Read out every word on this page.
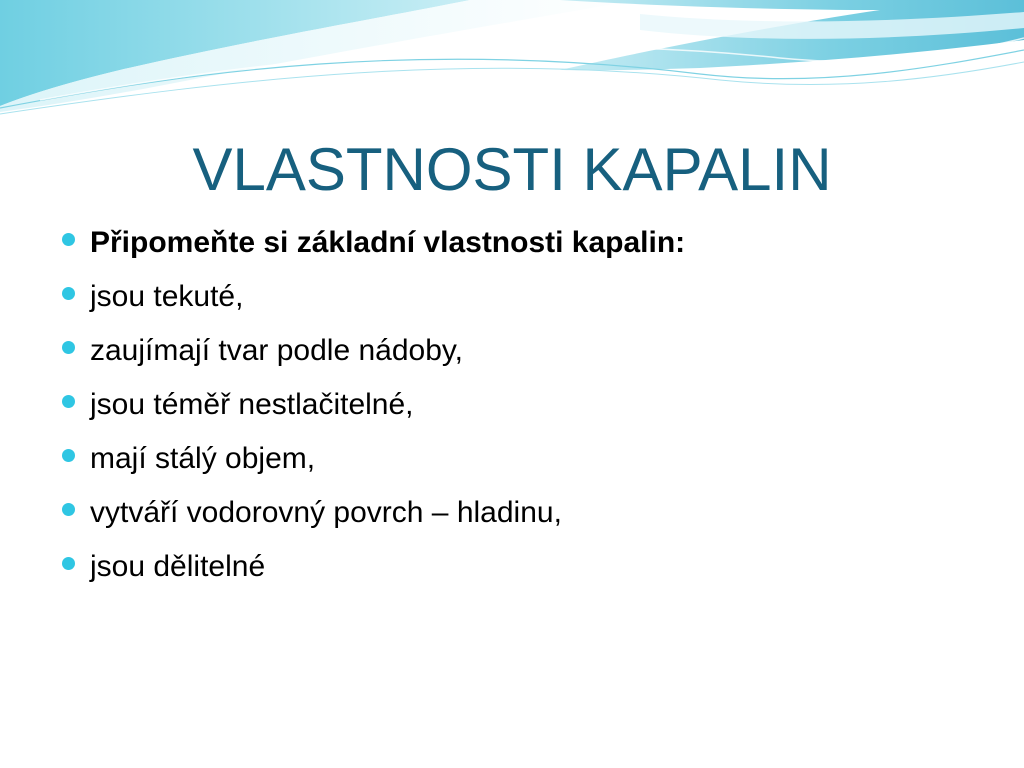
VLASTNOSTI KAPALIN
Připomeňte si základní vlastnosti kapalin:
jsou tekuté,
zaujímají tvar podle nádoby,
jsou téměř nestlačitelné,
mají stálý objem,
vytváří vodorovný povrch – hladinu,
jsou dělitelné
